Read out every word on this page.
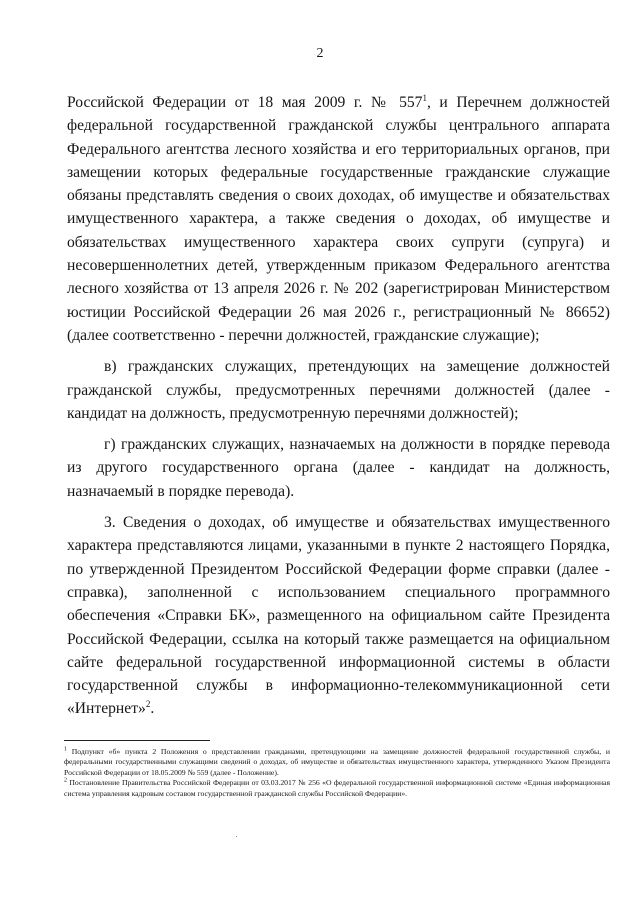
2

Российской Федерации от 18 мая 2009 г. № $557^1$, и Перечнем должностей федеральной государственной гражданской службы центрального аппарата Федерального агентства лесного хозяйства и его территориальных органов, при замещении которых федеральные государственные гражданские служащие обязаны представлять сведения о своих доходах, об имуществе и обязательствах имущественного характера, а также сведения о доходах, об имуществе и обязательствах имущественного характера своих супруги (супруга) и несовершеннолетних детей, утвержденным приказом Федерального агентства лесного хозяйства от 13 апреля 2026 г. № 202 (зарегистрирован Министерством юстиции Российской Федерации 26 мая 2026 г., регистрационный № 86652) (далее соответственно - перечни должностей, гражданские служащие);

в) гражданских служащих, претендующих на замещение должностей гражданской службы, предусмотренных перечнями должностей (далее - кандидат на должность, предусмотренную перечнями должностей);

г) гражданских служащих, назначаемых на должности в порядке перевода из другого государственного органа (далее - кандидат на должность, назначаемый в порядке перевода).

3. Сведения о доходах, об имуществе и обязательствах имущественного характера представляются лицами, указанными в пункте 2 настоящего Порядка, по утвержденной Президентом Российской Федерации форме справки (далее - справка), заполненной с использованием специального программного обеспечения «Справки БК», размещенного на официальном сайте Президента Российской Федерации, ссылка на который также размещается на официальном сайте федеральной государственной информационной системы в области государственной службы в информационно-телекоммуникационной сети «Интернет»$^2$.

$^1$ Подпункт «б» пункта 2 Положения о представлении гражданами, претендующими на замещение должностей федеральной государственной службы, и федеральными государственными служащими сведений о доходах, об имуществе и обязательствах имущественного характера, утвержденного Указом Президента Российской Федерации от 18.05.2009 № 559 (далее - Положение).

$^2$ Постановление Правительства Российской Федерации от 03.03.2017 № 256 «О федеральной государственной информационной системе «Единая информационная система управления кадровым составом государственной гражданской службы Российской Федерации».
